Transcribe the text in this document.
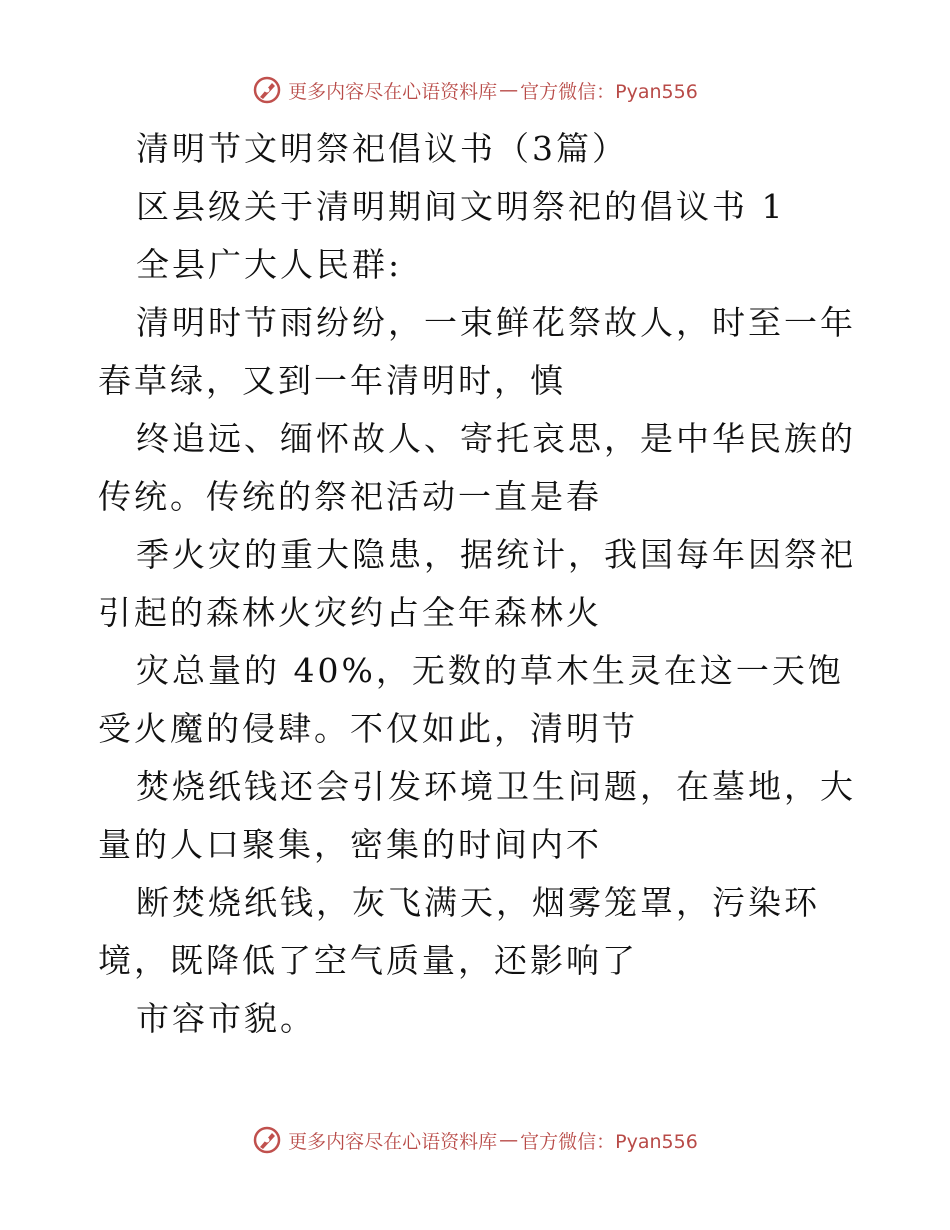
更多内容尽在心语资料库 — 官方微信：Pyan556

清明节文明祭祀倡议书（3篇）

区县级关于清明期间文明祭祀的倡议书 1

全县广大人民群:

清明时节雨纷纷，一束鲜花祭故人，时至一年春草绿，又到一年清明时，慎

终追远、缅怀故人、寄托哀思，是中华民族的传统。传统的祭祀活动一直是春

季火灾的重大隐患，据统计，我国每年因祭祀引起的森林火灾约占全年森林火

灾总量的 40%，无数的草木生灵在这一天饱受火魔的侵肆。不仅如此，清明节

焚烧纸钱还会引发环境卫生问题，在墓地，大量的人口聚集，密集的时间内不

断焚烧纸钱，灰飞满天，烟雾笼罩，污染环境，既降低了空气质量，还影响了

市容市貌。

更多内容尽在心语资料库 — 官方微信：Pyan556
